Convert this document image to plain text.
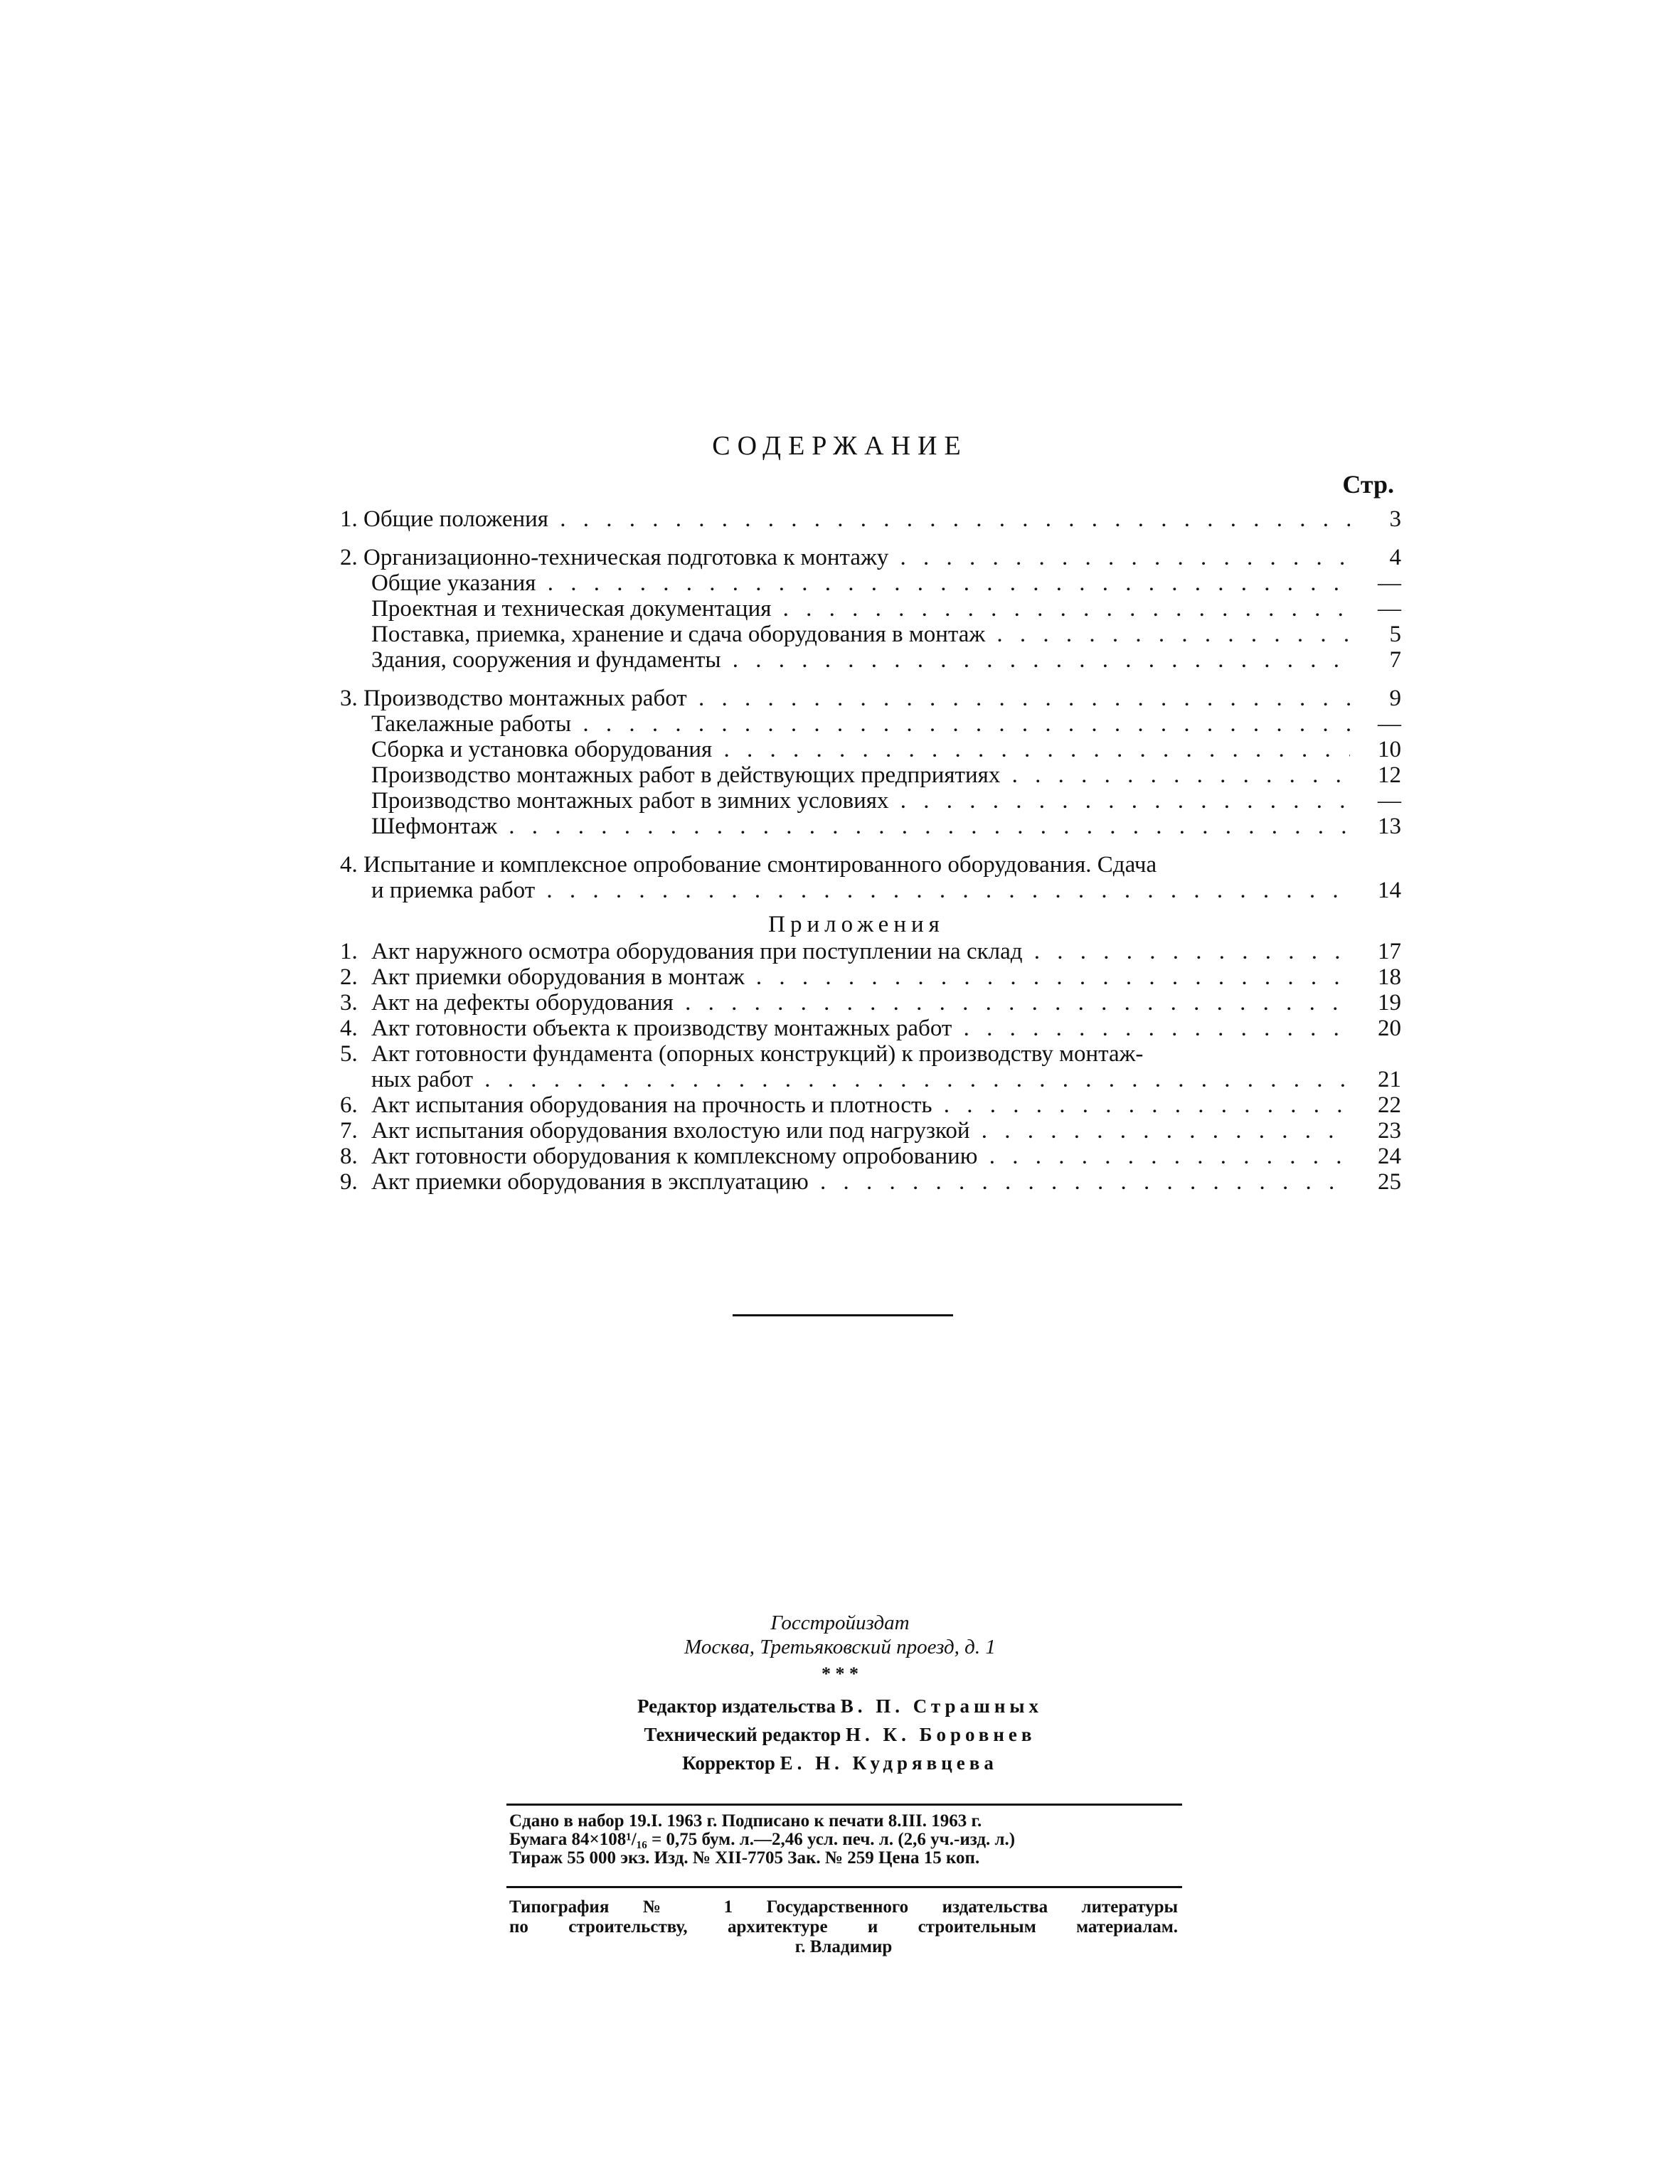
СОДЕРЖАНИЕ
Стр.
1. Общие положения . . .	3
2. Организационно-техническая подготовка к монтажу . . .	4
Общие указания . . .	—
Проектная и техническая документация . . .	—
Поставка, приемка, хранение и сдача оборудования в монтаж . . .	5
Здания, сооружения и фундаменты . . .	7
3. Производство монтажных работ . . .	9
Такелажные работы . . .	—
Сборка и установка оборудования . . .	10
Производство монтажных работ в действующих предприятиях . . .	12
Производство монтажных работ в зимних условиях . . .	—
Шефмонтаж . . .	13
4. Испытание и комплексное опробование смонтированного оборудования. Сдача
и приемка работ . . .	14
Приложения
1. Акт наружного осмотра оборудования при поступлении на склад . . .	17
2. Акт приемки оборудования в монтаж . . .	18
3. Акт на дефекты оборудования . . .	19
4. Акт готовности объекта к производству монтажных работ . . .	20
5. Акт готовности фундамента (опорных конструкций) к производству монтаж-
ных работ . . .	21
6. Акт испытания оборудования на прочность и плотность . . .	22
7. Акт испытания оборудования вхолостую или под нагрузкой . . .	23
8. Акт готовности оборудования к комплексному опробованию . . .	24
9. Акт приемки оборудования в эксплуатацию . . .	25
Госстройиздат
Москва, Третьяковский проезд, д. 1
* * *
Редактор издательства В. П. Страшных
Технический редактор Н. К. Боровнев
Корректор Е. Н. Кудрявцева
Сдано в набор 19.I. 1963 г. Подписано к печати 8.III. 1963 г.
Бумага 84×108¹/₁₆ = 0,75 бум. л.—2,46 усл. печ. л. (2,6 уч.-изд. л.)
Тираж 55 000 экз. Изд. № XII-7705 Зак. № 259 Цена 15 коп.
Типография № 1 Государственного издательства литературы
по строительству, архитектуре и строительным материалам.
г. Владимир
